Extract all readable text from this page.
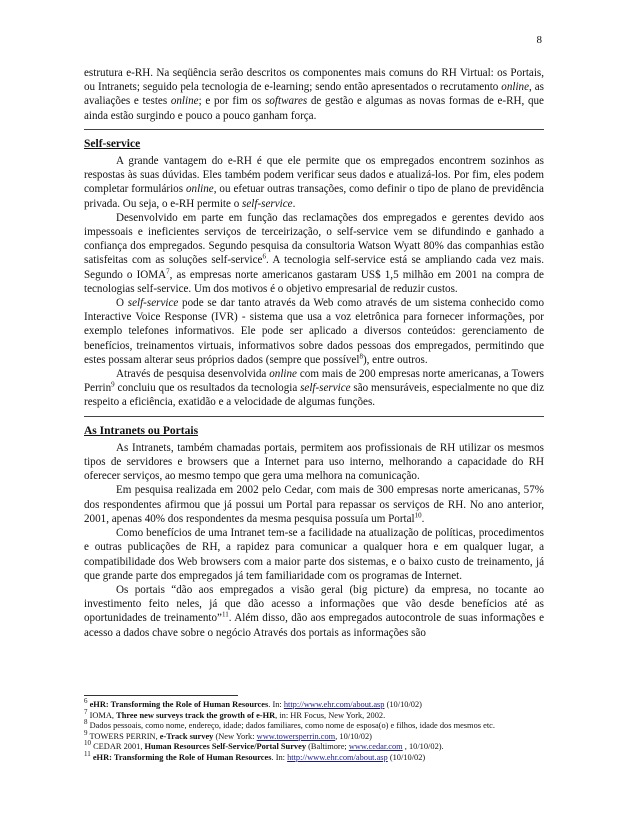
8

estrutura e-RH. Na seqüência serão descritos os componentes mais comuns do RH Virtual: os Portais, ou Intranets; seguido pela tecnologia de e-learning; sendo então apresentados o recrutamento online, as avaliações e testes online; e por fim os softwares de gestão e algumas as novas formas de e-RH, que ainda estão surgindo e pouco a pouco ganham força.

Self-service

A grande vantagem do e-RH é que ele permite que os empregados encontrem sozinhos as respostas às suas dúvidas. Eles também podem verificar seus dados e atualizá-los. Por fim, eles podem completar formulários online, ou efetuar outras transações, como definir o tipo de plano de previdência privada. Ou seja, o e-RH permite o self-service.

Desenvolvido em parte em função das reclamações dos empregados e gerentes devido aos impessoais e ineficientes serviços de terceirização, o self-service vem se difundindo e ganhado a confiança dos empregados. Segundo pesquisa da consultoria Watson Wyatt 80% das companhias estão satisfeitas com as soluções self-service$^6$. A tecnologia self-service está se ampliando cada vez mais. Segundo o IOMA$^7$, as empresas norte americanos gastaram US$ 1,5 milhão em 2001 na compra de tecnologias self-service. Um dos motivos é o objetivo empresarial de reduzir custos.

O self-service pode se dar tanto através da Web como através de um sistema conhecido como Interactive Voice Response (IVR) - sistema que usa a voz eletrônica para fornecer informações, por exemplo telefones informativos. Ele pode ser aplicado a diversos conteúdos: gerenciamento de benefícios, treinamentos virtuais, informativos sobre dados pessoas dos empregados, permitindo que estes possam alterar seus próprios dados (sempre que possível$^8$), entre outros.

Através de pesquisa desenvolvida online com mais de 200 empresas norte americanas, a Towers Perrin$^9$ concluiu que os resultados da tecnologia self-service são mensuráveis, especialmente no que diz respeito a eficiência, exatidão e a velocidade de algumas funções.

As Intranets ou Portais

As Intranets, também chamadas portais, permitem aos profissionais de RH utilizar os mesmos tipos de servidores e browsers que a Internet para uso interno, melhorando a capacidade do RH oferecer serviços, ao mesmo tempo que gera uma melhora na comunicação.

Em pesquisa realizada em 2002 pelo Cedar, com mais de 300 empresas norte americanas, 57% dos respondentes afirmou que já possui um Portal para repassar os serviços de RH. No ano anterior, 2001, apenas 40% dos respondentes da mesma pesquisa possuía um Portal$^{10}$.

Como benefícios de uma Intranet tem-se a facilidade na atualização de políticas, procedimentos e outras publicações de RH, a rapidez para comunicar a qualquer hora e em qualquer lugar, a compatibilidade dos Web browsers com a maior parte dos sistemas, e o baixo custo de treinamento, já que grande parte dos empregados já tem familiaridade com os programas de Internet.

Os portais “dão aos empregados a visão geral (big picture) da empresa, no tocante ao investimento feito neles, já que dão acesso a informações que vão desde benefícios até as oportunidades de treinamento”$^{11}$. Além disso, dão aos empregados autocontrole de suas informações e acesso a dados chave sobre o negócio Através dos portais as informações são

$^6$ eHR: Transforming the Role of Human Resources. In: http://www.ehr.com/about.asp (10/10/02)
$^7$ IOMA, Three new surveys track the growth of e-HR, in: HR Focus, New York, 2002.
$^8$ Dados pessoais, como nome, endereço, idade; dados familiares, como nome de esposa(o) e filhos, idade dos mesmos etc.
$^9$ TOWERS PERRIN, e-Track survey (New York: www.towersperrin.com, 10/10/02)
$^{10}$ CEDAR 2001, Human Resources Self-Service/Portal Survey (Baltimore; www.cedar.com , 10/10/02).
$^{11}$ eHR: Transforming the Role of Human Resources. In: http://www.ehr.com/about.asp (10/10/02)
